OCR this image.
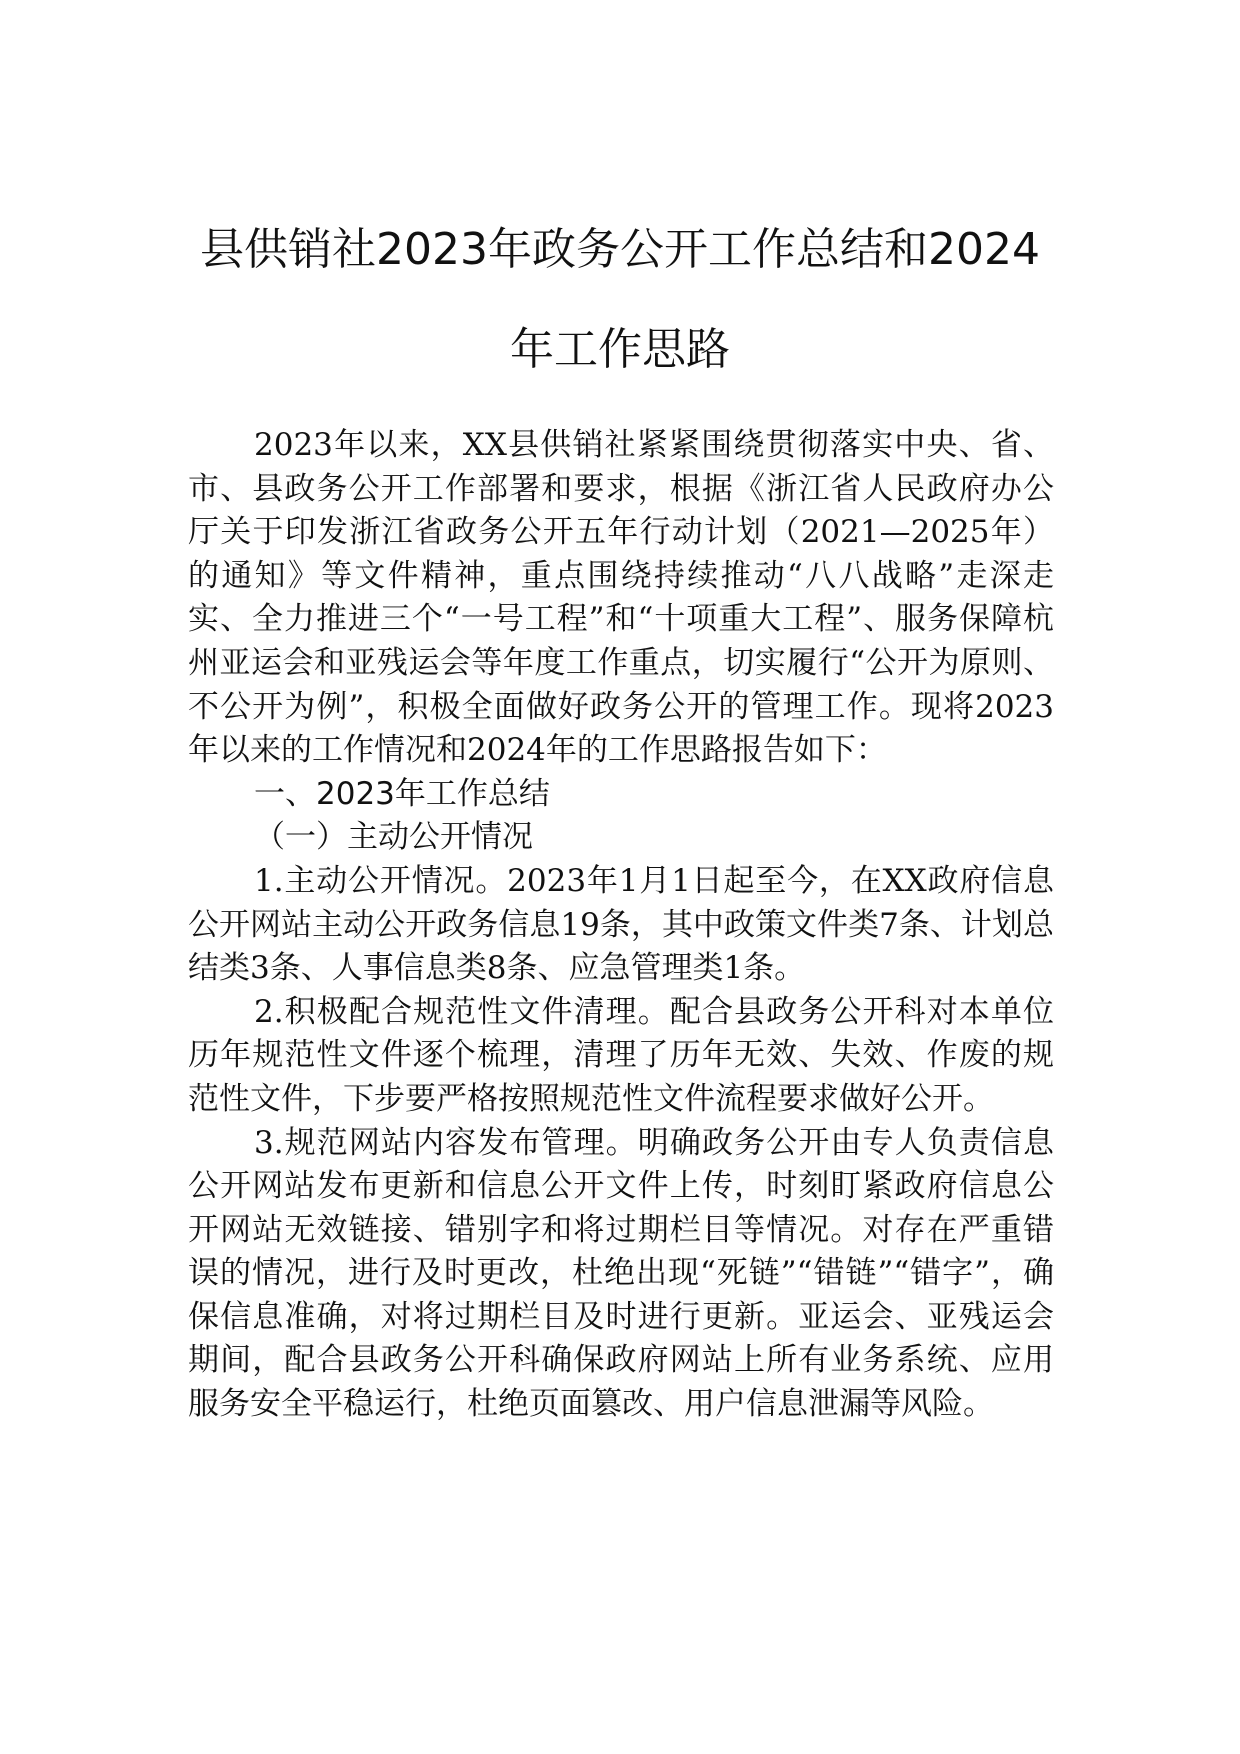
县供销社2023年政务公开工作总结和2024
年工作思路

2023年以来，XX县供销社紧紧围绕贯彻落实中央、省、市、县政务公开工作部署和要求，根据《浙江省人民政府办公厅关于印发浙江省政务公开五年行动计划（2021—2025年）的通知》等文件精神，重点围绕持续推动“八八战略”走深走实、全力推进三个“一号工程”和“十项重大工程”、服务保障杭州亚运会和亚残运会等年度工作重点，切实履行“公开为原则、不公开为例”，积极全面做好政务公开的管理工作。现将2023年以来的工作情况和2024年的工作思路报告如下：

一、2023年工作总结

（一）主动公开情况

1.主动公开情况。2023年1月1日起至今，在XX政府信息公开网站主动公开政务信息19条，其中政策文件类7条、计划总结类3条、人事信息类8条、应急管理类1条。

2.积极配合规范性文件清理。配合县政务公开科对本单位历年规范性文件逐个梳理，清理了历年无效、失效、作废的规范性文件，下步要严格按照规范性文件流程要求做好公开。

3.规范网站内容发布管理。明确政务公开由专人负责信息公开网站发布更新和信息公开文件上传，时刻盯紧政府信息公开网站无效链接、错别字和将过期栏目等情况。对存在严重错误的情况，进行及时更改，杜绝出现“死链”“错链”“错字”，确保信息准确，对将过期栏目及时进行更新。亚运会、亚残运会期间，配合县政务公开科确保政府网站上所有业务系统、应用服务安全平稳运行，杜绝页面篡改、用户信息泄漏等风险。
